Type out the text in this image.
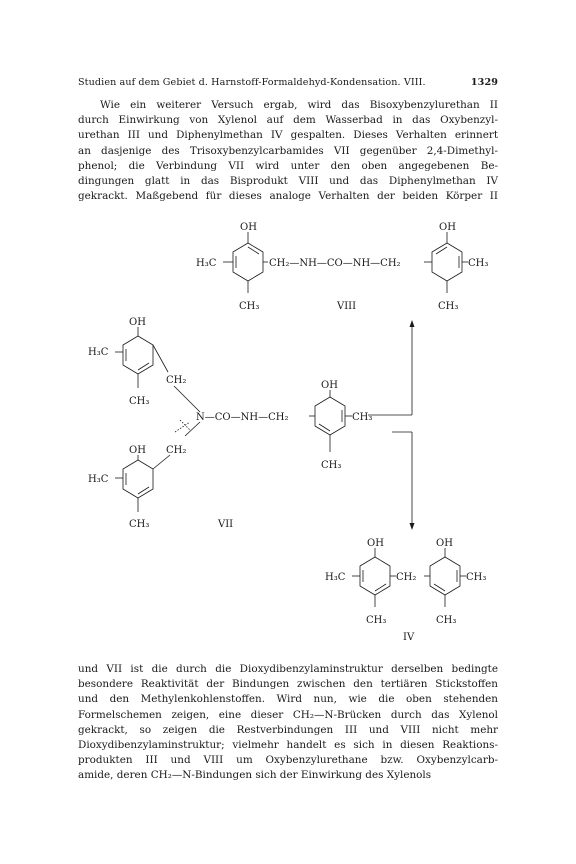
Studien auf dem Gebiet d. Harnstoff-Formaldehyd-Kondensation. VIII.	1329
Wie ein weiterer Versuch ergab, wird das Bisoxybenzylurethan II
durch Einwirkung von Xylenol auf dem Wasserbad in das Oxybenzyl-
urethan III und Diphenylmethan IV gespalten. Dieses Verhalten erinnert
an dasjenige des Trisoxybenzylcarbamides VII gegenüber 2,4-Dimethyl-
phenol; die Verbindung VII wird unter den oben angegebenen Be-
dingungen glatt in das Bisprodukt VIII und das Diphenylmethan IV
gekrackt. Maßgebend für dieses analoge Verhalten der beiden Körper II
OH	OH
H₃C	CH₂—NH—CO—NH—CH₂	CH₃
CH₃	CH₃
VIII
OH
H₃C
CH₂
CH₃
OH
N—CO—NH—CH₂	CH₃
CH₃
OH CH₂
H₃C
CH₃	VII
OH	OH
H₃C	CH₂	CH₃
CH₃	CH₃
IV
und VII ist die durch die Dioxydibenzylaminstruktur derselben bedingte
besondere Reaktivität der Bindungen zwischen den tertiären Stickstoffen
und den Methylenkohlenstoffen. Wird nun, wie die oben stehenden
Formelschemen zeigen, eine dieser CH₂—N-Brücken durch das Xylenol
gekrackt, so zeigen die Restverbindungen III und VIII nicht mehr
Dioxydibenzylaminstruktur; vielmehr handelt es sich in diesen Reaktions-
produkten III und VIII um Oxybenzylurethane bzw. Oxybenzylcarb-
amide, deren CH₂—N-Bindungen sich der Einwirkung des Xylenols
